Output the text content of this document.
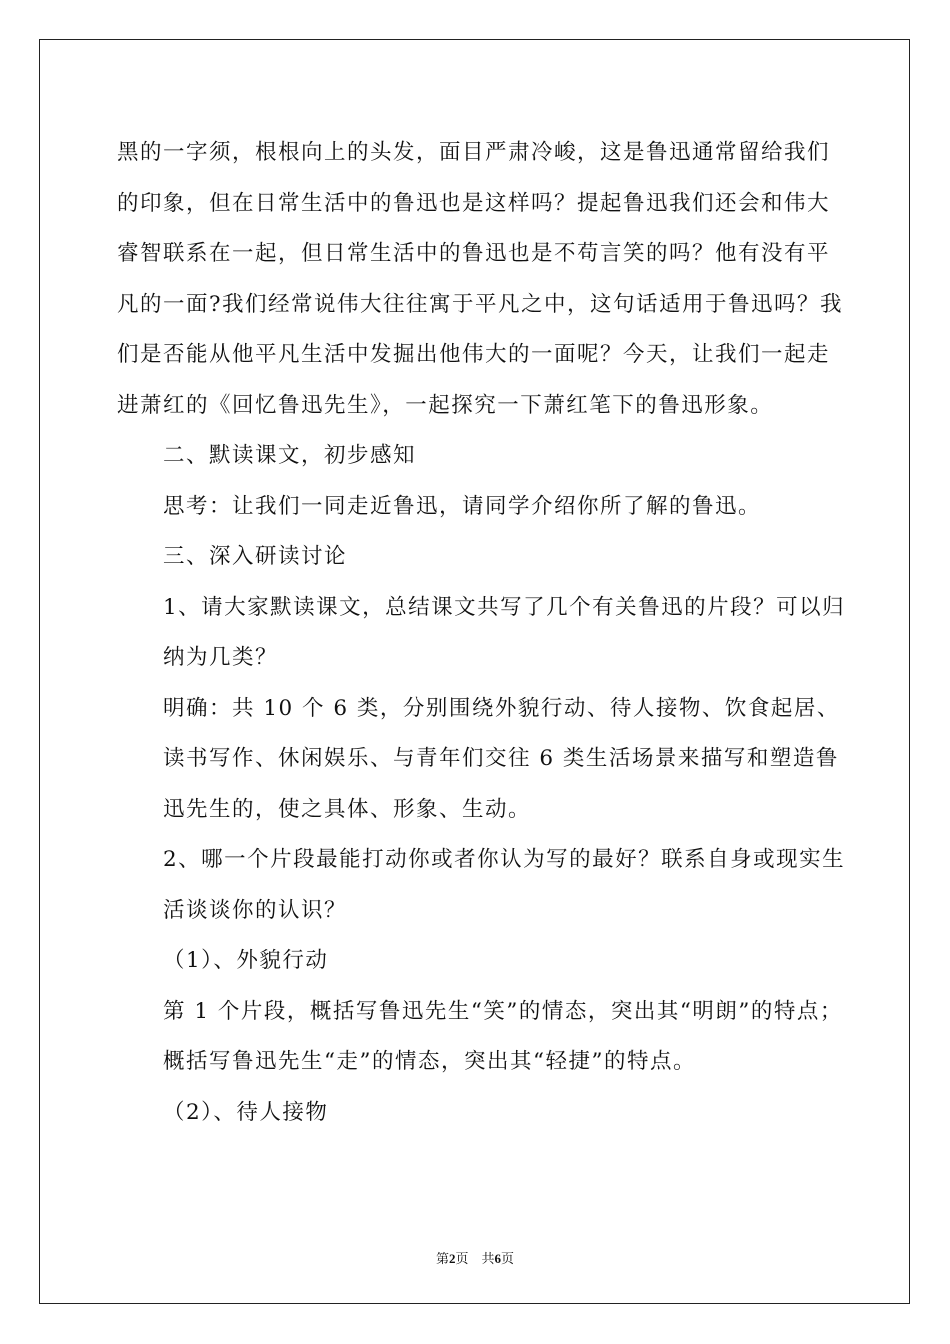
黑的一字须，根根向上的头发，面目严肃冷峻，这是鲁迅通常留给我们的印象，但在日常生活中的鲁迅也是这样吗？提起鲁迅我们还会和伟大睿智联系在一起，但日常生活中的鲁迅也是不苟言笑的吗？他有没有平凡的一面?我们经常说伟大往往寓于平凡之中，这句话适用于鲁迅吗？我们是否能从他平凡生活中发掘出他伟大的一面呢？今天，让我们一起走进萧红的《回忆鲁迅先生》，一起探究一下萧红笔下的鲁迅形象。

二、默读课文，初步感知

思考：让我们一同走近鲁迅，请同学介绍你所了解的鲁迅。

三、深入研读讨论

1、请大家默读课文，总结课文共写了几个有关鲁迅的片段？可以归纳为几类？

明确：共 10 个 6 类，分别围绕外貌行动、待人接物、饮食起居、读书写作、休闲娱乐、与青年们交往 6 类生活场景来描写和塑造鲁迅先生的，使之具体、形象、生动。

2、哪一个片段最能打动你或者你认为写的最好？联系自身或现实生活谈谈你的认识？

（1）、外貌行动

第 1 个片段，概括写鲁迅先生“笑”的情态，突出其“明朗”的特点；概括写鲁迅先生“走”的情态，突出其“轻捷”的特点。

（2）、待人接物

第2页　共6页
